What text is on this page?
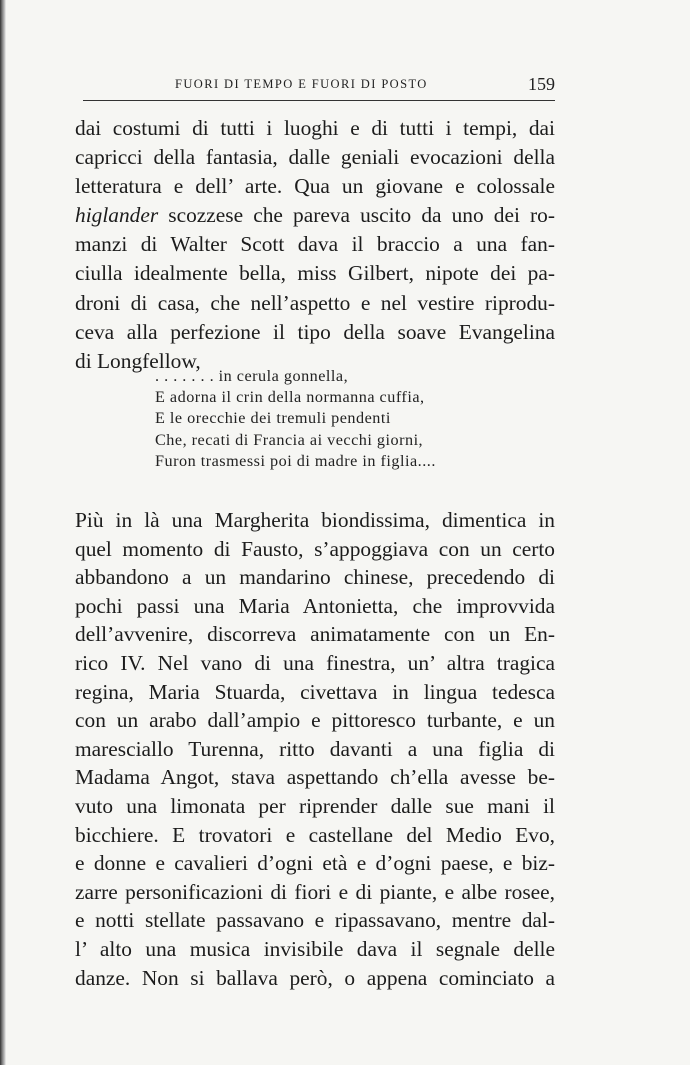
FUORI DI TEMPO E FUORI DI POSTO	159
dai costumi di tutti i luoghi e di tutti i tempi, dai
capricci della fantasia, dalle geniali evocazioni della
letteratura e dell’ arte. Qua un giovane e colossale
higlander scozzese che pareva uscito da uno dei ro-
manzi di Walter Scott dava il braccio a una fan-
ciulla idealmente bella, miss Gilbert, nipote dei pa-
droni di casa, che nell’aspetto e nel vestire riprodu-
ceva alla perfezione il tipo della soave Evangelina
di Longfellow,
. . . . . . . in cerula gonnella,
E adorna il crin della normanna cuffia,
E le orecchie dei tremuli pendenti
Che, recati di Francia ai vecchi giorni,
Furon trasmessi poi di madre in figlia....
Più in là una Margherita biondissima, dimentica in
quel momento di Fausto, s’appoggiava con un certo
abbandono a un mandarino chinese, precedendo di
pochi passi una Maria Antonietta, che improvvida
dell’avvenire, discorreva animatamente con un En-
rico IV. Nel vano di una finestra, un’ altra tragica
regina, Maria Stuarda, civettava in lingua tedesca
con un arabo dall’ampio e pittoresco turbante, e un
maresciallo Turenna, ritto davanti a una figlia di
Madama Angot, stava aspettando ch’ella avesse be-
vuto una limonata per riprender dalle sue mani il
bicchiere. E trovatori e castellane del Medio Evo,
e donne e cavalieri d’ogni età e d’ogni paese, e biz-
zarre personificazioni di fiori e di piante, e albe rosee,
e notti stellate passavano e ripassavano, mentre dal-
l’ alto una musica invisibile dava il segnale delle
danze. Non si ballava però, o appena cominciato a
